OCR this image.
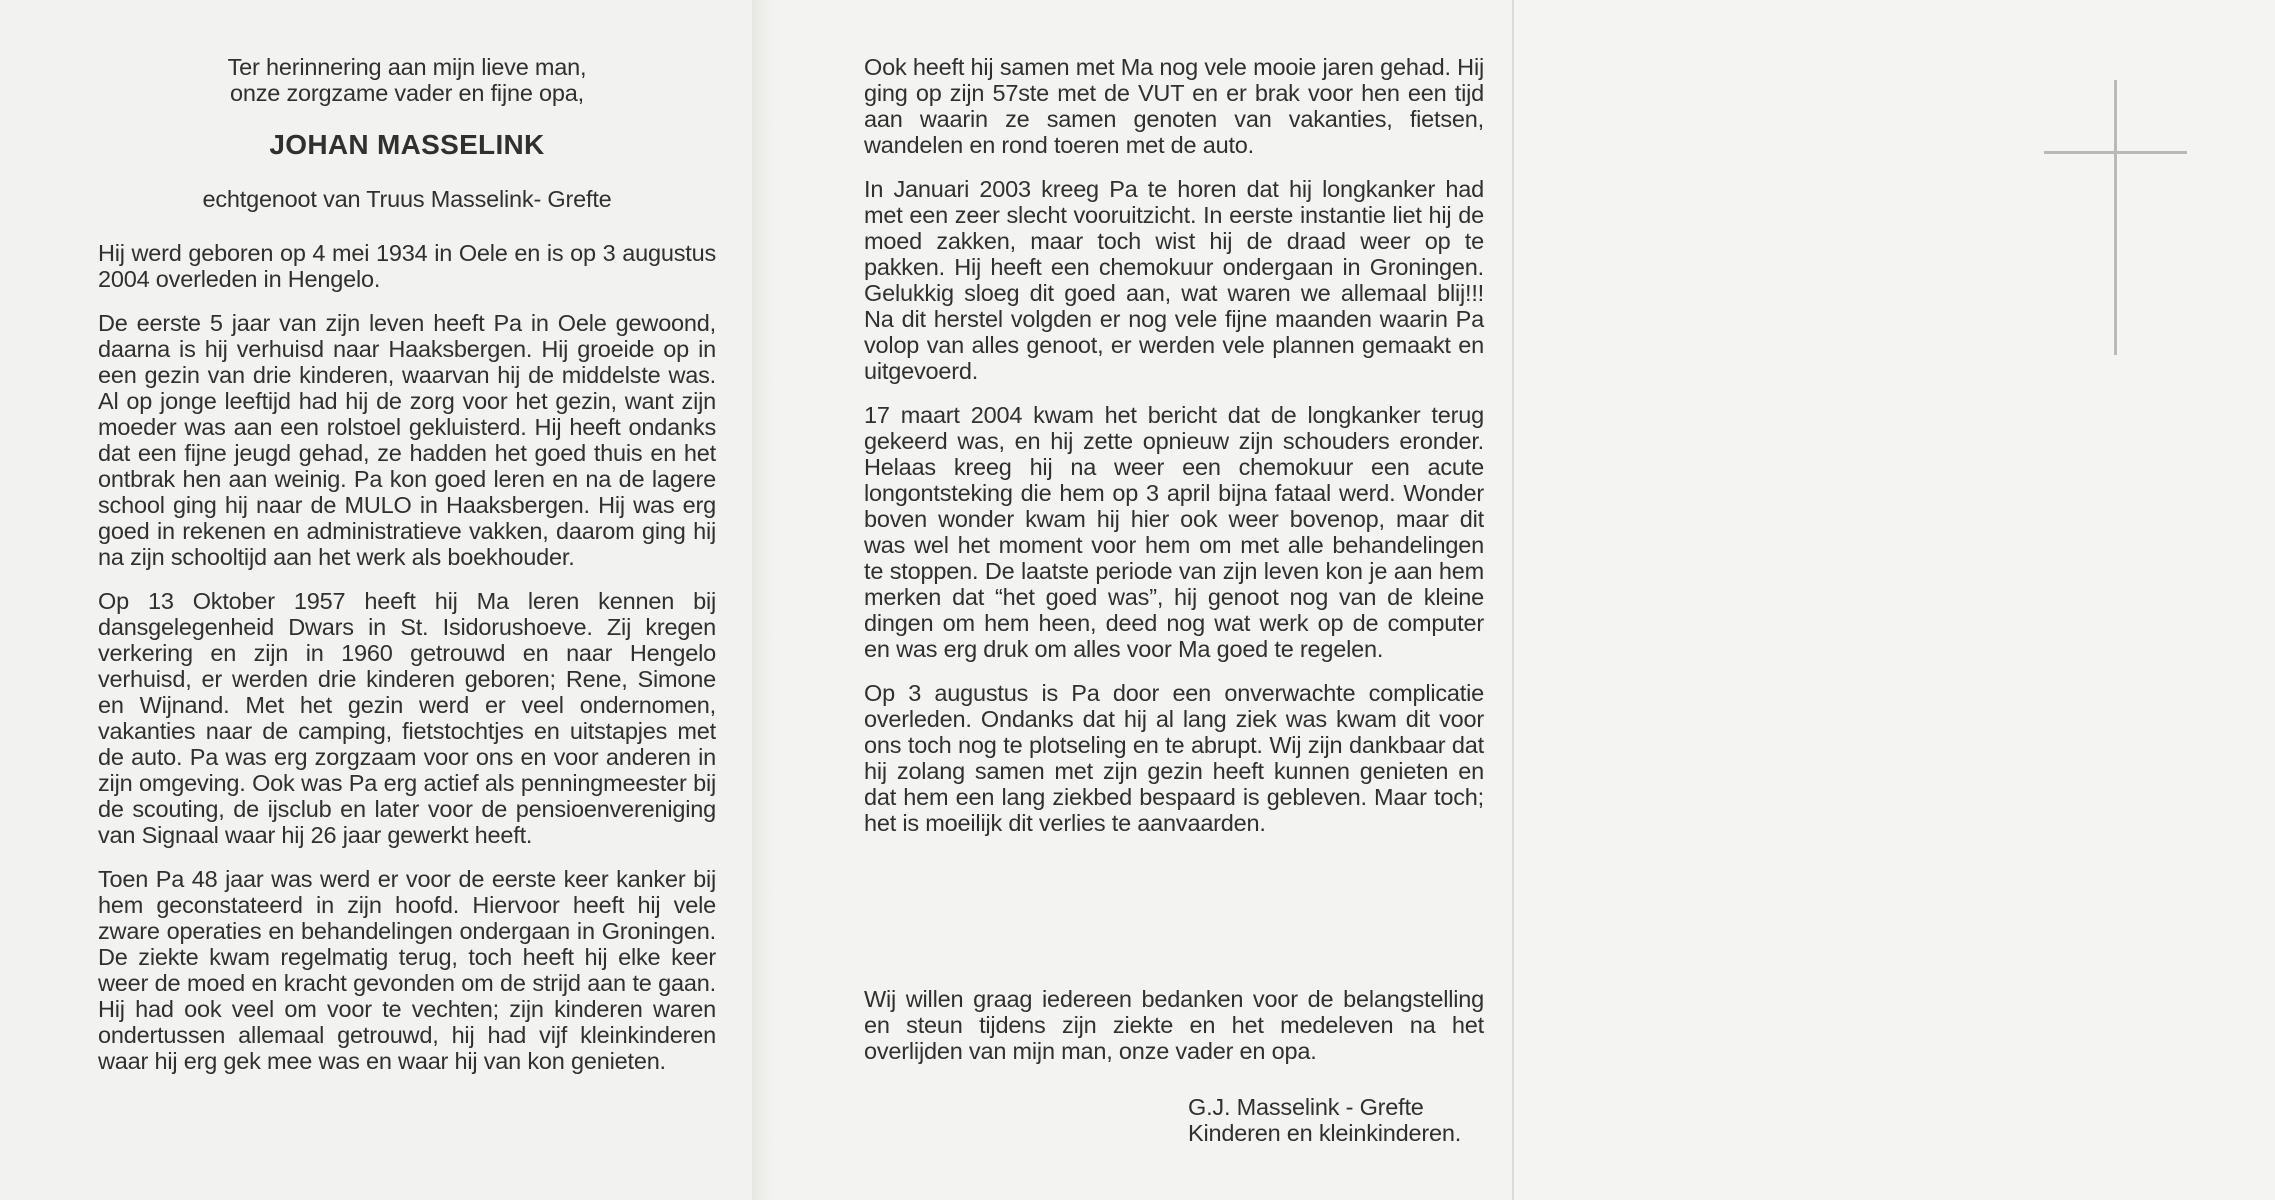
Ter herinnering aan mijn lieve man,
onze zorgzame vader en fijne opa,
JOHAN MASSELINK
echtgenoot van Truus Masselink- Grefte

Hij werd geboren op 4 mei 1934 in Oele en is op 3 augustus 2004 overleden in Hengelo.

De eerste 5 jaar van zijn leven heeft Pa in Oele gewoond, daarna is hij verhuisd naar Haaksbergen. Hij groeide op in een gezin van drie kinderen, waarvan hij de middelste was. Al op jonge leeftijd had hij de zorg voor het gezin, want zijn moeder was aan een rolstoel gekluisterd. Hij heeft ondanks dat een fijne jeugd gehad, ze hadden het goed thuis en het ontbrak hen aan weinig. Pa kon goed leren en na de lagere school ging hij naar de MULO in Haaksbergen. Hij was erg goed in rekenen en administratieve vakken, daarom ging hij na zijn schooltijd aan het werk als boekhouder.

Op 13 Oktober 1957 heeft hij Ma leren kennen bij dansgelegenheid Dwars in St. Isidorushoeve. Zij kregen verkering en zijn in 1960 getrouwd en naar Hengelo verhuisd, er werden drie kinderen geboren; Rene, Simone en Wijnand. Met het gezin werd er veel ondernomen, vakanties naar de camping, fietstochtjes en uitstapjes met de auto. Pa was erg zorgzaam voor ons en voor anderen in zijn omgeving. Ook was Pa erg actief als penningmeester bij de scouting, de ijsclub en later voor de pensioenvereniging van Signaal waar hij 26 jaar gewerkt heeft.

Toen Pa 48 jaar was werd er voor de eerste keer kanker bij hem geconstateerd in zijn hoofd. Hiervoor heeft hij vele zware operaties en behandelingen ondergaan in Groningen. De ziekte kwam regelmatig terug, toch heeft hij elke keer weer de moed en kracht gevonden om de strijd aan te gaan. Hij had ook veel om voor te vechten; zijn kinderen waren ondertussen allemaal getrouwd, hij had vijf kleinkinderen waar hij erg gek mee was en waar hij van kon genieten.

Ook heeft hij samen met Ma nog vele mooie jaren gehad. Hij ging op zijn 57ste met de VUT en er brak voor hen een tijd aan waarin ze samen genoten van vakanties, fietsen, wandelen en rond toeren met de auto.

In Januari 2003 kreeg Pa te horen dat hij longkanker had met een zeer slecht vooruitzicht. In eerste instantie liet hij de moed zakken, maar toch wist hij de draad weer op te pakken. Hij heeft een chemokuur ondergaan in Groningen. Gelukkig sloeg dit goed aan, wat waren we allemaal blij!!! Na dit herstel volgden er nog vele fijne maanden waarin Pa volop van alles genoot, er werden vele plannen gemaakt en uitgevoerd.

17 maart 2004 kwam het bericht dat de longkanker terug gekeerd was, en hij zette opnieuw zijn schouders eronder. Helaas kreeg hij na weer een chemokuur een acute longontsteking die hem op 3 april bijna fataal werd. Wonder boven wonder kwam hij hier ook weer bovenop, maar dit was wel het moment voor hem om met alle behandelingen te stoppen. De laatste periode van zijn leven kon je aan hem merken dat “het goed was”, hij genoot nog van de kleine dingen om hem heen, deed nog wat werk op de computer en was erg druk om alles voor Ma goed te regelen.

Op 3 augustus is Pa door een onverwachte complicatie overleden. Ondanks dat hij al lang ziek was kwam dit voor ons toch nog te plotseling en te abrupt. Wij zijn dankbaar dat hij zolang samen met zijn gezin heeft kunnen genieten en dat hem een lang ziekbed bespaard is gebleven. Maar toch; het is moeilijk dit verlies te aanvaarden.

Wij willen graag iedereen bedanken voor de belangstelling en steun tijdens zijn ziekte en het medeleven na het overlijden van mijn man, onze vader en opa.

G.J. Masselink - Grefte
Kinderen en kleinkinderen.
